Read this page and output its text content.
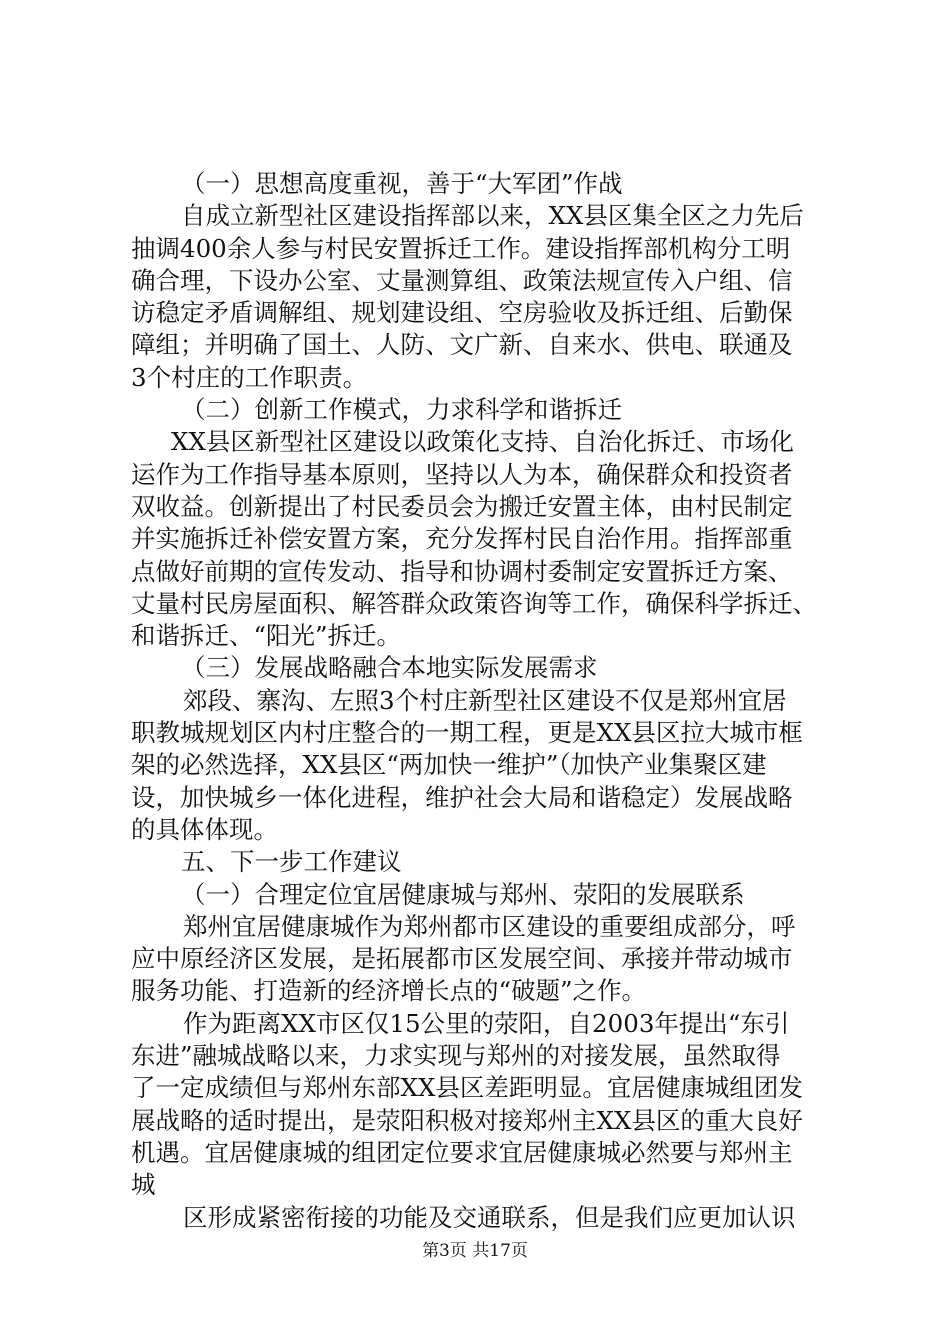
（一）思想高度重视，善于“大军团”作战
自成立新型社区建设指挥部以来，XX县区集全区之力先后
抽调400余人参与村民安置拆迁工作。建设指挥部机构分工明
确合理，下设办公室、丈量测算组、政策法规宣传入户组、信
访稳定矛盾调解组、规划建设组、空房验收及拆迁组、后勤保
障组；并明确了国土、人防、文广新、自来水、供电、联通及
3个村庄的工作职责。
（二）创新工作模式，力求科学和谐拆迁
XX县区新型社区建设以政策化支持、自治化拆迁、市场化
运作为工作指导基本原则，坚持以人为本，确保群众和投资者
双收益。创新提出了村民委员会为搬迁安置主体，由村民制定
并实施拆迁补偿安置方案，充分发挥村民自治作用。指挥部重
点做好前期的宣传发动、指导和协调村委制定安置拆迁方案、
丈量村民房屋面积、解答群众政策咨询等工作，确保科学拆迁、
和谐拆迁、“阳光”拆迁。
（三）发展战略融合本地实际发展需求
郊段、寨沟、左照3个村庄新型社区建设不仅是郑州宜居
职教城规划区内村庄整合的一期工程，更是XX县区拉大城市框
架的必然选择，XX县区“两加快一维护”（加快产业集聚区建
设，加快城乡一体化进程，维护社会大局和谐稳定）发展战略
的具体体现。
五、下一步工作建议
（一）合理定位宜居健康城与郑州、荥阳的发展联系
郑州宜居健康城作为郑州都市区建设的重要组成部分，呼
应中原经济区发展，是拓展都市区发展空间、承接并带动城市
服务功能、打造新的经济增长点的“破题”之作。
作为距离XX市区仅15公里的荥阳，自2003年提出“东引
东进”融城战略以来，力求实现与郑州的对接发展，虽然取得
了一定成绩但与郑州东部XX县区差距明显。宜居健康城组团发
展战略的适时提出，是荥阳积极对接郑州主XX县区的重大良好
机遇。宜居健康城的组团定位要求宜居健康城必然要与郑州主
城
区形成紧密衔接的功能及交通联系，但是我们应更加认识
第3页 共17页
